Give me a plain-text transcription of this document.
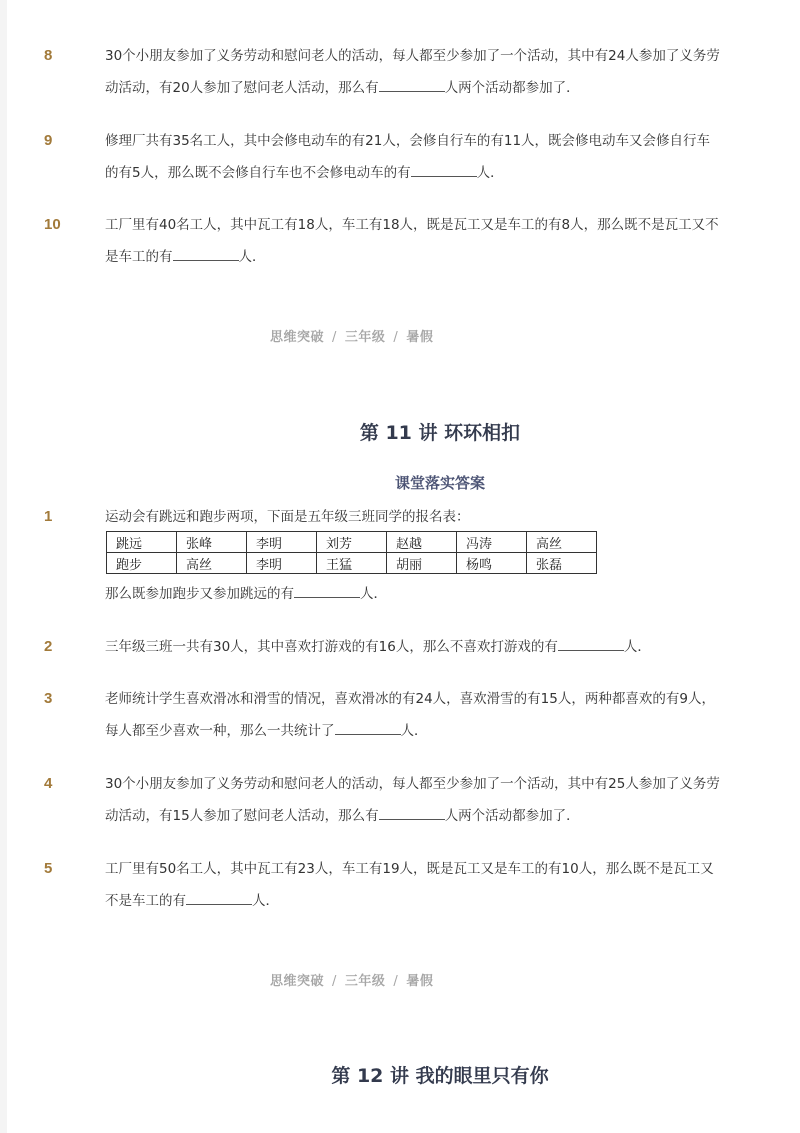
8	30个小朋友参加了义务劳动和慰问老人的活动，每人都至少参加了一个活动，其中有24人参加了义务劳动活动，有20人参加了慰问老人活动，那么有	人两个活动都参加了．
9	修理厂共有35名工人，其中会修电动车的有21人，会修自行车的有11人，既会修电动车又会修自行车的有5人，那么既不会修自行车也不会修电动车的有	人．
10	工厂里有40名工人，其中瓦工有18人，车工有18人，既是瓦工又是车工的有8人，那么既不是瓦工又不是车工的有	人．
思维突破 / 三年级 / 暑假
第 11 讲 环环相扣
课堂落实答案
1	运动会有跳远和跑步两项，下面是五年级三班同学的报名表：
跳远	张峰	李明	刘芳	赵越	冯涛	高丝
跑步	高丝	李明	王猛	胡丽	杨鸣	张磊
那么既参加跑步又参加跳远的有	人．
2	三年级三班一共有30人，其中喜欢打游戏的有16人，那么不喜欢打游戏的有	人．
3	老师统计学生喜欢滑冰和滑雪的情况，喜欢滑冰的有24人，喜欢滑雪的有15人，两种都喜欢的有9人，每人都至少喜欢一种，那么一共统计了	人．
4	30个小朋友参加了义务劳动和慰问老人的活动，每人都至少参加了一个活动，其中有25人参加了义务劳动活动，有15人参加了慰问老人活动，那么有	人两个活动都参加了．
5	工厂里有50名工人，其中瓦工有23人，车工有19人，既是瓦工又是车工的有10人，那么既不是瓦工又不是车工的有	人．
思维突破 / 三年级 / 暑假
第 12 讲 我的眼里只有你
